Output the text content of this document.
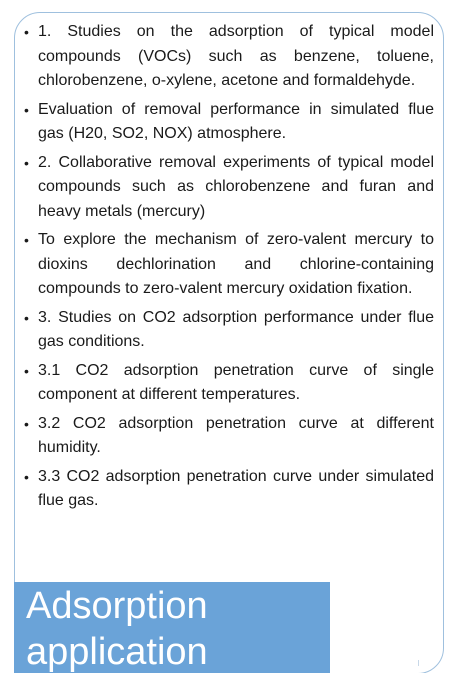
• 1. Studies on the adsorption of typical model compounds (VOCs) such as benzene, toluene, chlorobenzene, o-xylene, acetone and formaldehyde.
• Evaluation of removal performance in simulated flue gas (H20, SO2, NOX) atmosphere.
• 2. Collaborative removal experiments of typical model compounds such as chlorobenzene and furan and heavy metals (mercury)
• To explore the mechanism of zero-valent mercury to dioxins dechlorination and chlorine-containing compounds to zero-valent mercury oxidation fixation.
• 3. Studies on CO2 adsorption performance under flue gas conditions.
• 3.1 CO2 adsorption penetration curve of single component at different temperatures.
• 3.2 CO2 adsorption penetration curve at different humidity.
• 3.3 CO2 adsorption penetration curve under simulated flue gas.
Adsorption
application
